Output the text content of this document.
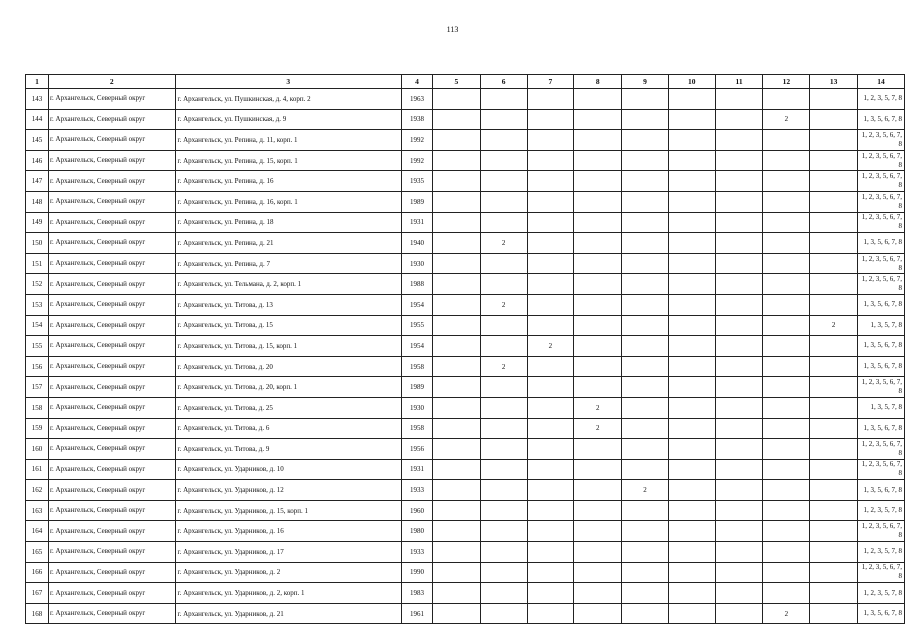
113
1	2	3	4	5	6	7	8	9	10	11	12	13	14
143	г. Архангельск, Северный округ	г. Архангельск, ул. Пушкинская, д. 4, корп. 2	1963										1, 2, 3, 5, 7, 8
144	г. Архангельск, Северный округ	г. Архангельск, ул. Пушкинская, д. 9	1938								2		1, 3, 5, 6, 7, 8
145	г. Архангельск, Северный округ	г. Архангельск, ул. Репина, д. 11, корп. 1	1992										1, 2, 3, 5, 6, 7, 8
146	г. Архангельск, Северный округ	г. Архангельск, ул. Репина, д. 15, корп. 1	1992										1, 2, 3, 5, 6, 7, 8
147	г. Архангельск, Северный округ	г. Архангельск, ул. Репина, д. 16	1935										1, 2, 3, 5, 6, 7, 8
148	г. Архангельск, Северный округ	г. Архангельск, ул. Репина, д. 16, корп. 1	1989										1, 2, 3, 5, 6, 7, 8
149	г. Архангельск, Северный округ	г. Архангельск, ул. Репина, д. 18	1931										1, 2, 3, 5, 6, 7, 8
150	г. Архангельск, Северный округ	г. Архангельск, ул. Репина, д. 21	1940		2								1, 3, 5, 6, 7, 8
151	г. Архангельск, Северный округ	г. Архангельск, ул. Репина, д. 7	1930										1, 2, 3, 5, 6, 7, 8
152	г. Архангельск, Северный округ	г. Архангельск, ул. Тельмана, д. 2, корп. 1	1988										1, 2, 3, 5, 6, 7, 8
153	г. Архангельск, Северный округ	г. Архангельск, ул. Титова, д. 13	1954		2								1, 3, 5, 6, 7, 8
154	г. Архангельск, Северный округ	г. Архангельск, ул. Титова, д. 15	1955									2	1, 3, 5, 7, 8
155	г. Архангельск, Северный округ	г. Архангельск, ул. Титова, д. 15, корп. 1	1954			2							1, 3, 5, 6, 7, 8
156	г. Архангельск, Северный округ	г. Архангельск, ул. Титова, д. 20	1958		2								1, 3, 5, 6, 7, 8
157	г. Архангельск, Северный округ	г. Архангельск, ул. Титова, д. 20, корп. 1	1989										1, 2, 3, 5, 6, 7, 8
158	г. Архангельск, Северный округ	г. Архангельск, ул. Титова, д. 25	1930				2						1, 3, 5, 7, 8
159	г. Архангельск, Северный округ	г. Архангельск, ул. Титова, д. 6	1958				2						1, 3, 5, 6, 7, 8
160	г. Архангельск, Северный округ	г. Архангельск, ул. Титова, д. 9	1956										1, 2, 3, 5, 6, 7, 8
161	г. Архангельск, Северный округ	г. Архангельск, ул. Ударников, д. 10	1931										1, 2, 3, 5, 6, 7, 8
162	г. Архангельск, Северный округ	г. Архангельск, ул. Ударников, д. 12	1933					2					1, 3, 5, 6, 7, 8
163	г. Архангельск, Северный округ	г. Архангельск, ул. Ударников, д. 15, корп. 1	1960										1, 2, 3, 5, 7, 8
164	г. Архангельск, Северный округ	г. Архангельск, ул. Ударников, д. 16	1980										1, 2, 3, 5, 6, 7, 8
165	г. Архангельск, Северный округ	г. Архангельск, ул. Ударников, д. 17	1933										1, 2, 3, 5, 7, 8
166	г. Архангельск, Северный округ	г. Архангельск, ул. Ударников, д. 2	1990										1, 2, 3, 5, 6, 7, 8
167	г. Архангельск, Северный округ	г. Архангельск, ул. Ударников, д. 2, корп. 1	1983										1, 2, 3, 5, 7, 8
168	г. Архангельск, Северный округ	г. Архангельск, ул. Ударников, д. 21	1961								2		1, 3, 5, 6, 7, 8
